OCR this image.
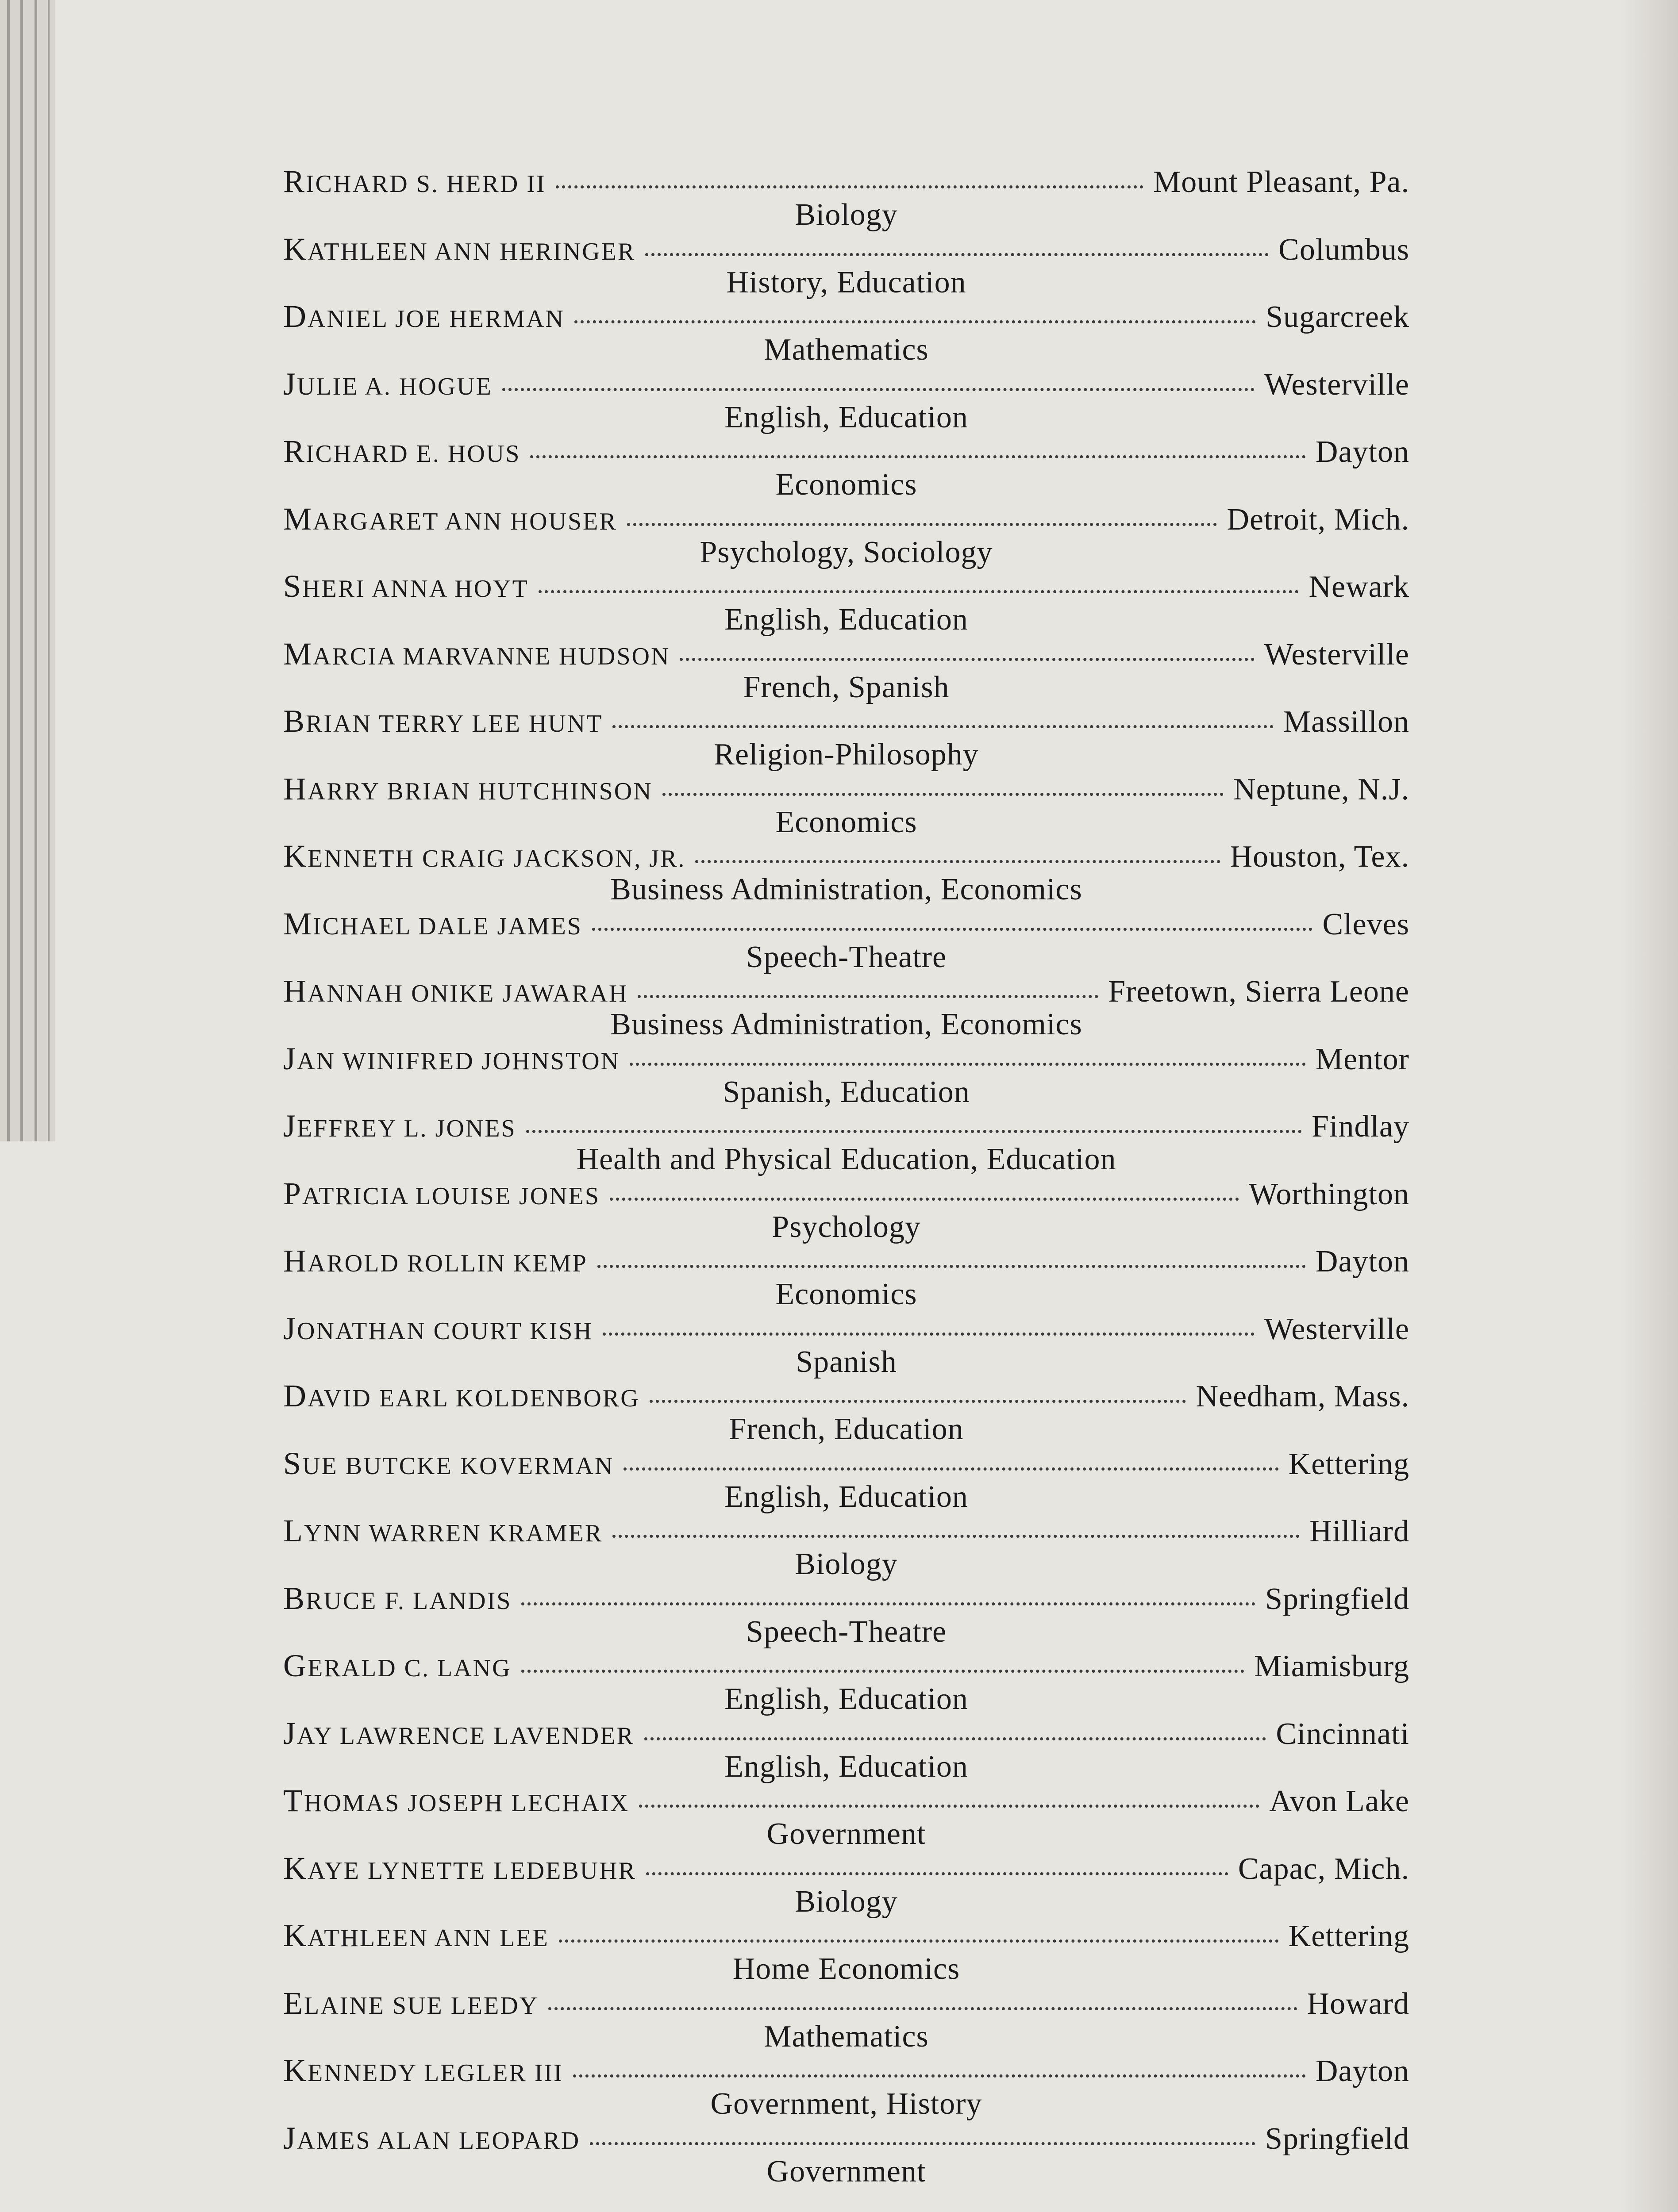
RICHARD S. HERD II	Mount Pleasant, Pa.
Biology
KATHLEEN ANN HERINGER	Columbus
History, Education
DANIEL JOE HERMAN	Sugarcreek
Mathematics
JULIE A. HOGUE	Westerville
English, Education
RICHARD E. HOUS	Dayton
Economics
MARGARET ANN HOUSER	Detroit, Mich.
Psychology, Sociology
SHERI ANNA HOYT	Newark
English, Education
MARCIA MARVANNE HUDSON	Westerville
French, Spanish
BRIAN TERRY LEE HUNT	Massillon
Religion-Philosophy
HARRY BRIAN HUTCHINSON	Neptune, N.J.
Economics
KENNETH CRAIG JACKSON, JR.	Houston, Tex.
Business Administration, Economics
MICHAEL DALE JAMES	Cleves
Speech-Theatre
HANNAH ONIKE JAWARAH	Freetown, Sierra Leone
Business Administration, Economics
JAN WINIFRED JOHNSTON	Mentor
Spanish, Education
JEFFREY L. JONES	Findlay
Health and Physical Education, Education
PATRICIA LOUISE JONES	Worthington
Psychology
HAROLD ROLLIN KEMP	Dayton
Economics
JONATHAN COURT KISH	Westerville
Spanish
DAVID EARL KOLDENBORG	Needham, Mass.
French, Education
SUE BUTCKE KOVERMAN	Kettering
English, Education
LYNN WARREN KRAMER	Hilliard
Biology
BRUCE F. LANDIS	Springfield
Speech-Theatre
GERALD C. LANG	Miamisburg
English, Education
JAY LAWRENCE LAVENDER	Cincinnati
English, Education
THOMAS JOSEPH LECHAIX	Avon Lake
Government
KAYE LYNETTE LEDEBUHR	Capac, Mich.
Biology
KATHLEEN ANN LEE	Kettering
Home Economics
ELAINE SUE LEEDY	Howard
Mathematics
KENNEDY LEGLER III	Dayton
Government, History
JAMES ALAN LEOPARD	Springfield
Government
